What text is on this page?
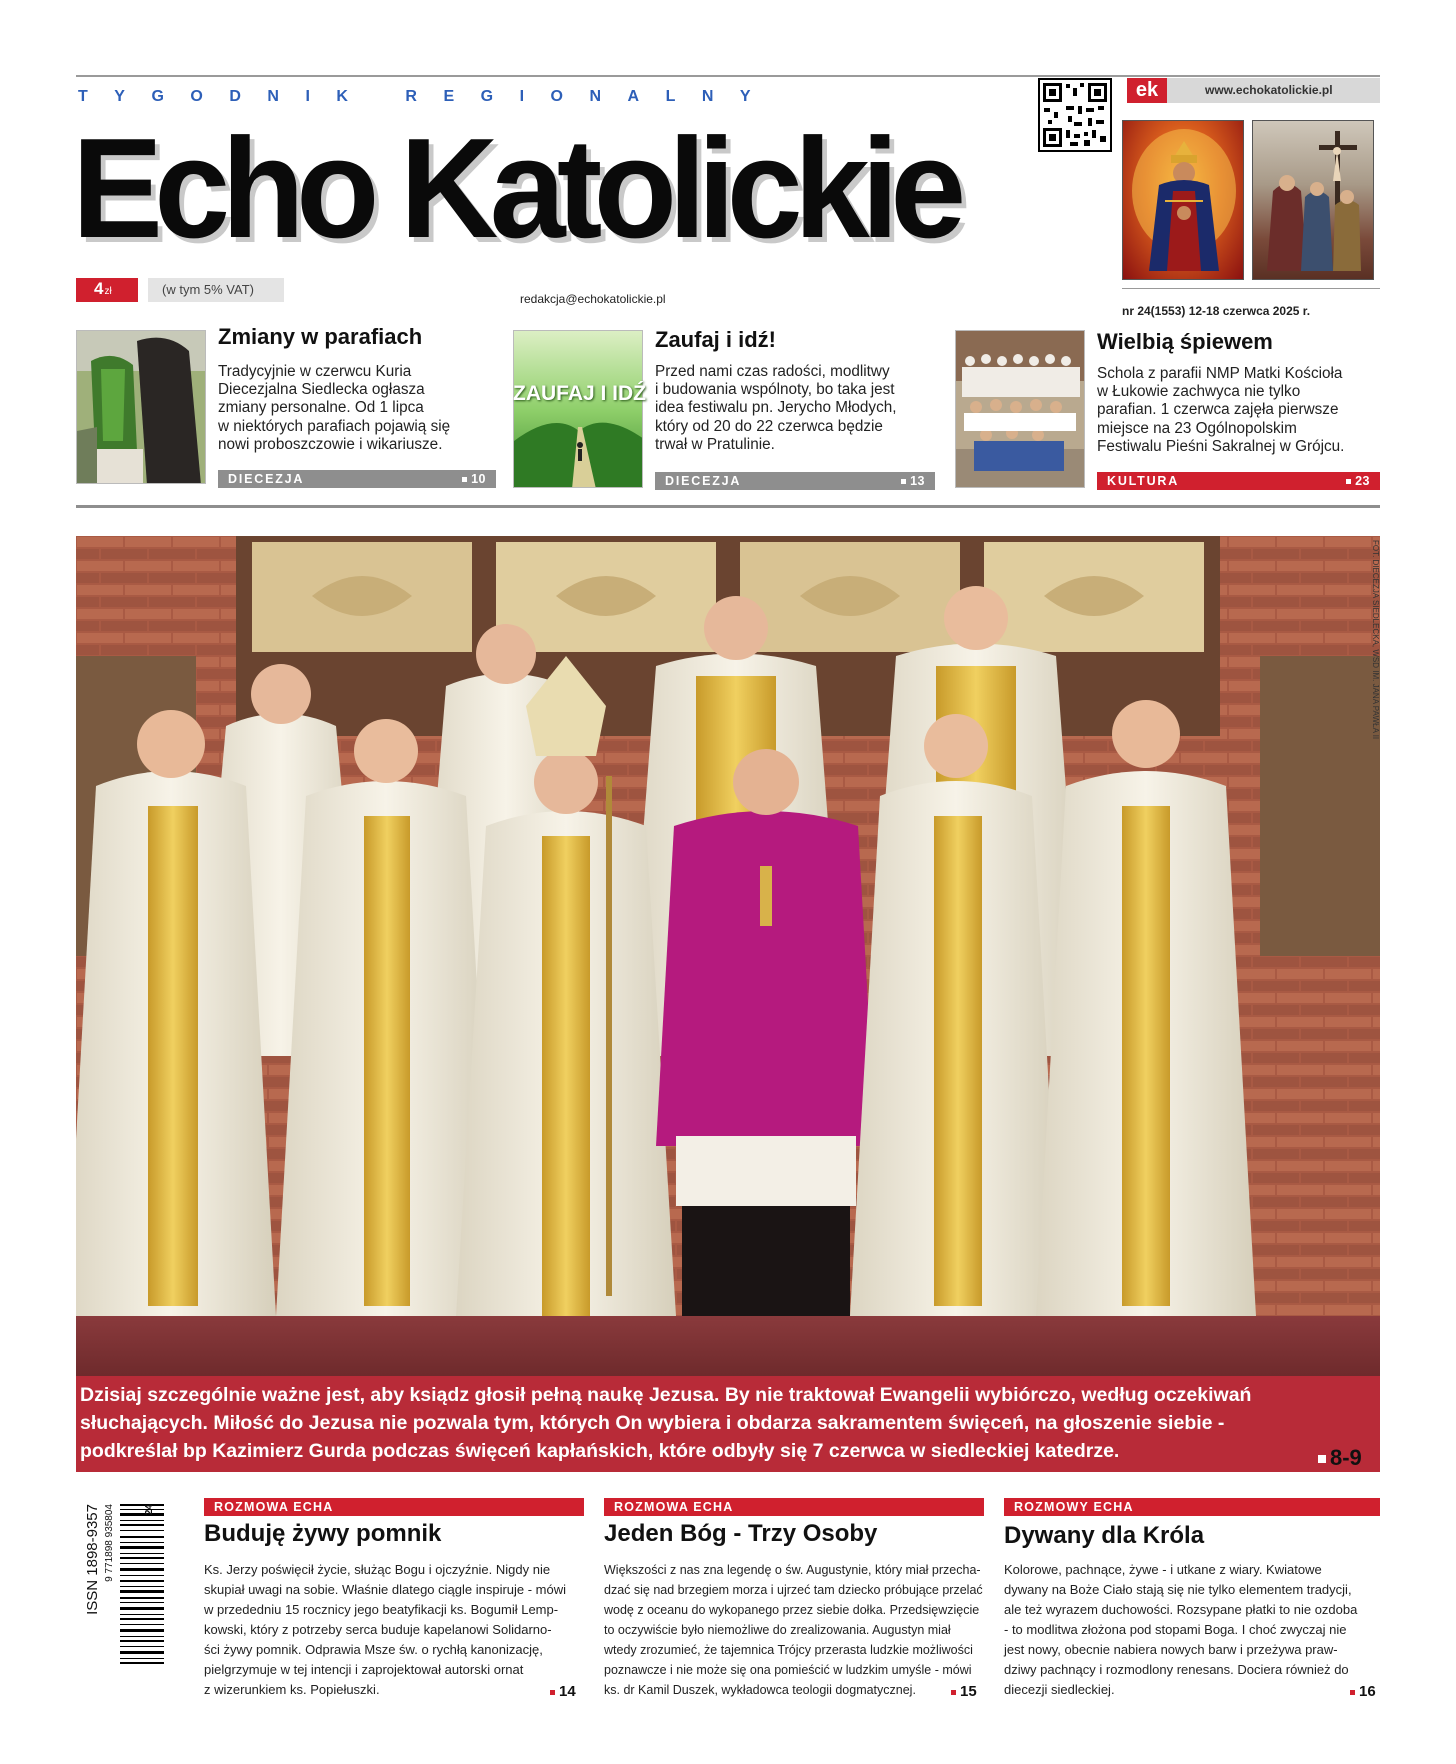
TYGODNIK REGIONALNY
Echo Katolickie
4zł	(w tym 5% VAT)
redakcja@echokatolickie.pl
ek	www.echokatolickie.pl
nr 24(1553) 12-18 czerwca 2025 r.
Zmiany w parafiach
Tradycyjnie w czerwcu Kuria
Diecezjalna Siedlecka ogłasza
zmiany personalne. Od 1 lipca
w niektórych parafiach pojawią się
nowi proboszczowie i wikariusze.
DIECEZJA	10
ZAUFAJ I IDŹ
Zaufaj i idź!
Przed nami czas radości, modlitwy
i budowania wspólnoty, bo taka jest
idea festiwalu pn. Jerycho Młodych,
który od 20 do 22 czerwca będzie
trwał w Pratulinie.
DIECEZJA	13
Wielbią śpiewem
Schola z parafii NMP Matki Kościoła
w Łukowie zachwyca nie tylko
parafian. 1 czerwca zajęła pierwsze
miejsce na 23 Ogólnopolskim
Festiwalu Pieśni Sakralnej w Grójcu.
KULTURA	23
FOT. DIECEZJA SIEDLECKA, WSD IM. JANA PAWŁA II
Dzisiaj szczególnie ważne jest, aby ksiądz głosił pełną naukę Jezusa. By nie traktował Ewangelii wybiórczo, według oczekiwań
słuchających. Miłość do Jezusa nie pozwala tym, których On wybiera i obdarza sakramentem święceń, na głoszenie siebie -
podkreślał bp Kazimierz Gurda podczas święceń kapłańskich, które odbyły się 7 czerwca w siedleckiej katedrze.	8-9
ISSN 1898-9357 9 771898 935804	24	ROZMOWA ECHA
Buduję żywy pomnik
Ks. Jerzy poświęcił życie, służąc Bogu i ojczyźnie. Nigdy nie
skupiał uwagi na sobie. Właśnie dlatego ciągle inspiruje - mówi
w przededniu 15 rocznicy jego beatyfikacji ks. Bogumił Lemp-
kowski, który z potrzeby serca buduje kapelanowi Solidarno-
ści żywy pomnik. Odprawia Msze św. o rychłą kanonizację,
pielgrzymuje w tej intencji i zaprojektował autorski ornat
z wizerunkiem ks. Popiełuszki.	14
ROZMOWA ECHA
Jeden Bóg - Trzy Osoby
Większości z nas zna legendę o św. Augustynie, który miał przecha-
dzać się nad brzegiem morza i ujrzeć tam dziecko próbujące przelać
wodę z oceanu do wykopanego przez siebie dołka. Przedsięwzięcie
to oczywiście było niemożliwe do zrealizowania. Augustyn miał
wtedy zrozumieć, że tajemnica Trójcy przerasta ludzkie możliwości
poznawcze i nie może się ona pomieścić w ludzkim umyśle - mówi
ks. dr Kamil Duszek, wykładowca teologii dogmatycznej.	15
ROZMOWY ECHA
Dywany dla Króla
Kolorowe, pachnące, żywe - i utkane z wiary. Kwiatowe
dywany na Boże Ciało stają się nie tylko elementem tradycji,
ale też wyrazem duchowości. Rozsypane płatki to nie ozdoba
- to modlitwa złożona pod stopami Boga. I choć zwyczaj nie
jest nowy, obecnie nabiera nowych barw i przeżywa praw-
dziwy pachnący i rozmodlony renesans. Dociera również do
diecezji siedleckiej.	16
